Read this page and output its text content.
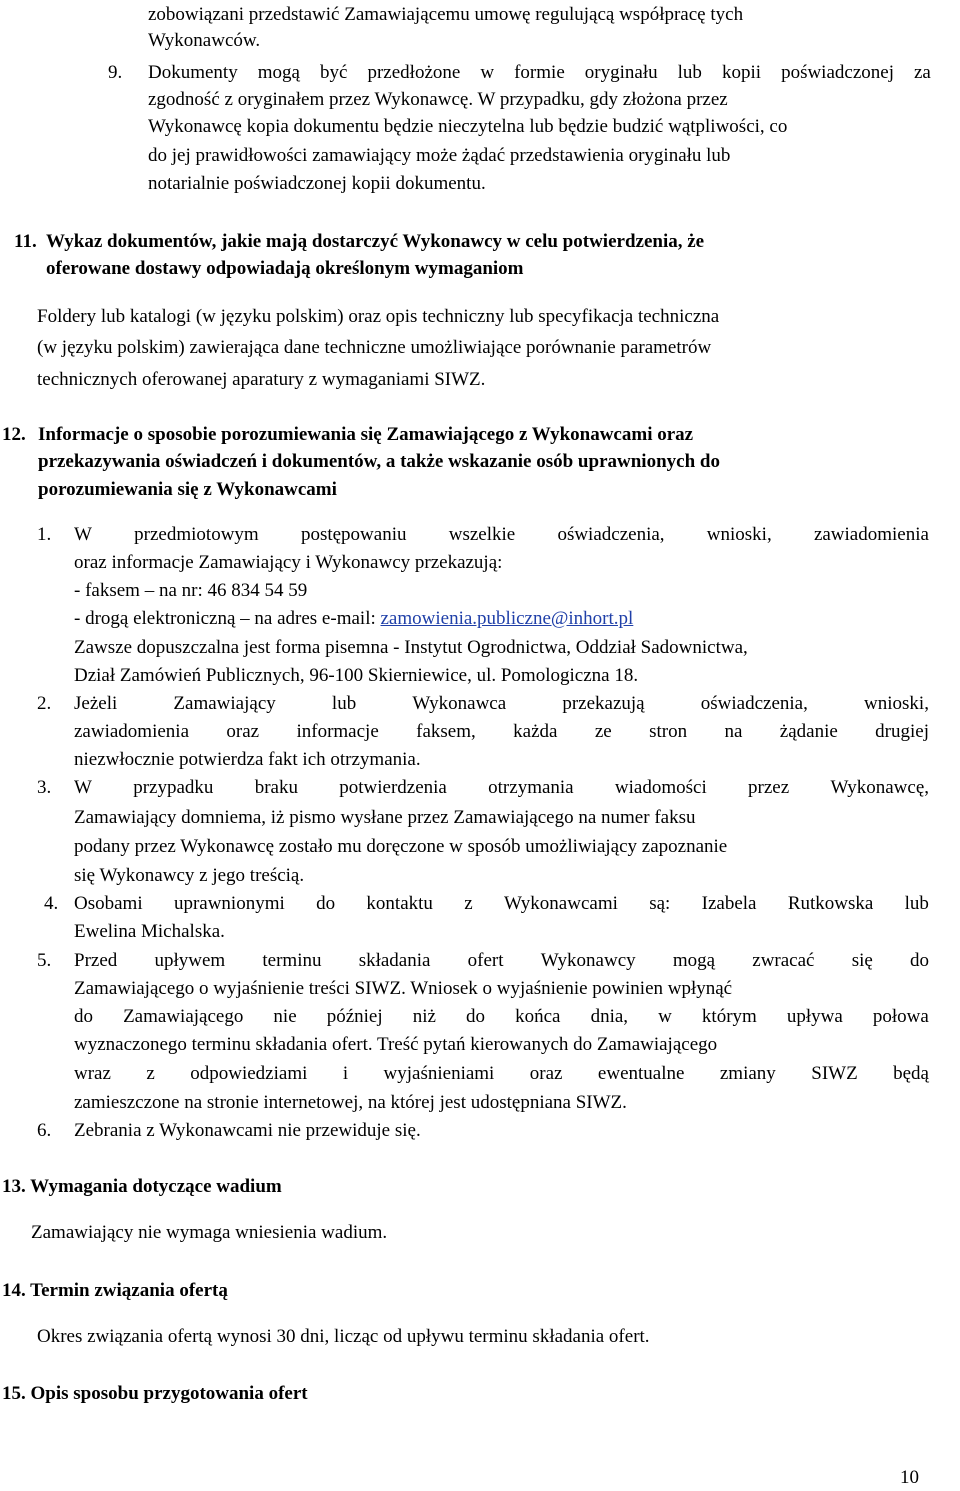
zobowiązani przedstawić Zamawiającemu umowę regulującą współpracę tych
Wykonawców.
9. Dokumenty mogą być przedłożone w formie oryginału lub kopii poświadczonej za
zgodność z oryginałem przez Wykonawcę. W przypadku, gdy złożona przez
Wykonawcę kopia dokumentu będzie nieczytelna lub będzie budzić wątpliwości, co
do jej prawidłowości zamawiający może żądać przedstawienia oryginału lub
notarialnie poświadczonej kopii dokumentu.
11. Wykaz dokumentów, jakie mają dostarczyć Wykonawcy w celu potwierdzenia, że
oferowane dostawy odpowiadają określonym wymaganiom
Foldery lub katalogi (w języku polskim) oraz opis techniczny lub specyfikacja techniczna
(w języku polskim) zawierająca dane techniczne umożliwiające porównanie parametrów
technicznych oferowanej aparatury z wymaganiami SIWZ.
12. Informacje o sposobie porozumiewania się Zamawiającego z Wykonawcami oraz
przekazywania oświadczeń i dokumentów, a także wskazanie osób uprawnionych do
porozumiewania się z Wykonawcami
1. W przedmiotowym postępowaniu wszelkie oświadczenia, wnioski, zawiadomienia
oraz informacje Zamawiający i Wykonawcy przekazują:
- faksem – na nr: 46 834 54 59
- drogą elektroniczną – na adres e-mail: zamowienia.publiczne@inhort.pl
Zawsze dopuszczalna jest forma pisemna - Instytut Ogrodnictwa, Oddział Sadownictwa,
Dział Zamówień Publicznych, 96-100 Skierniewice, ul. Pomologiczna 18.
2. Jeżeli	Zamawiający	lub	Wykonawca	przekazują	oświadczenia,	wnioski,
zawiadomienia oraz informacje faksem, każda ze stron na żądanie drugiej
niezwłocznie potwierdza fakt ich otrzymania.
3. W przypadku braku potwierdzenia otrzymania wiadomości przez Wykonawcę,
Zamawiający domniema, iż pismo wysłane przez Zamawiającego na numer faksu
podany przez Wykonawcę zostało mu doręczone w sposób umożliwiający zapoznanie
się Wykonawcy z jego treścią.
4. Osobami uprawnionymi do kontaktu z Wykonawcami są: Izabela Rutkowska lub
Ewelina Michalska.
5. Przed upływem terminu składania ofert Wykonawcy mogą zwracać się do
Zamawiającego o wyjaśnienie treści SIWZ. Wniosek o wyjaśnienie powinien wpłynąć
do Zamawiającego nie później niż do końca dnia, w którym upływa połowa
wyznaczonego terminu składania ofert. Treść pytań kierowanych do Zamawiającego
wraz z odpowiedziami i wyjaśnieniami oraz ewentualne zmiany SIWZ będą
zamieszczone na stronie internetowej, na której jest udostępniana SIWZ.
6. Zebrania z Wykonawcami nie przewiduje się.
13. Wymagania dotyczące wadium
Zamawiający nie wymaga wniesienia wadium.
14. Termin związania ofertą
Okres związania ofertą wynosi 30 dni, licząc od upływu terminu składania ofert.
15. Opis sposobu przygotowania ofert
10
